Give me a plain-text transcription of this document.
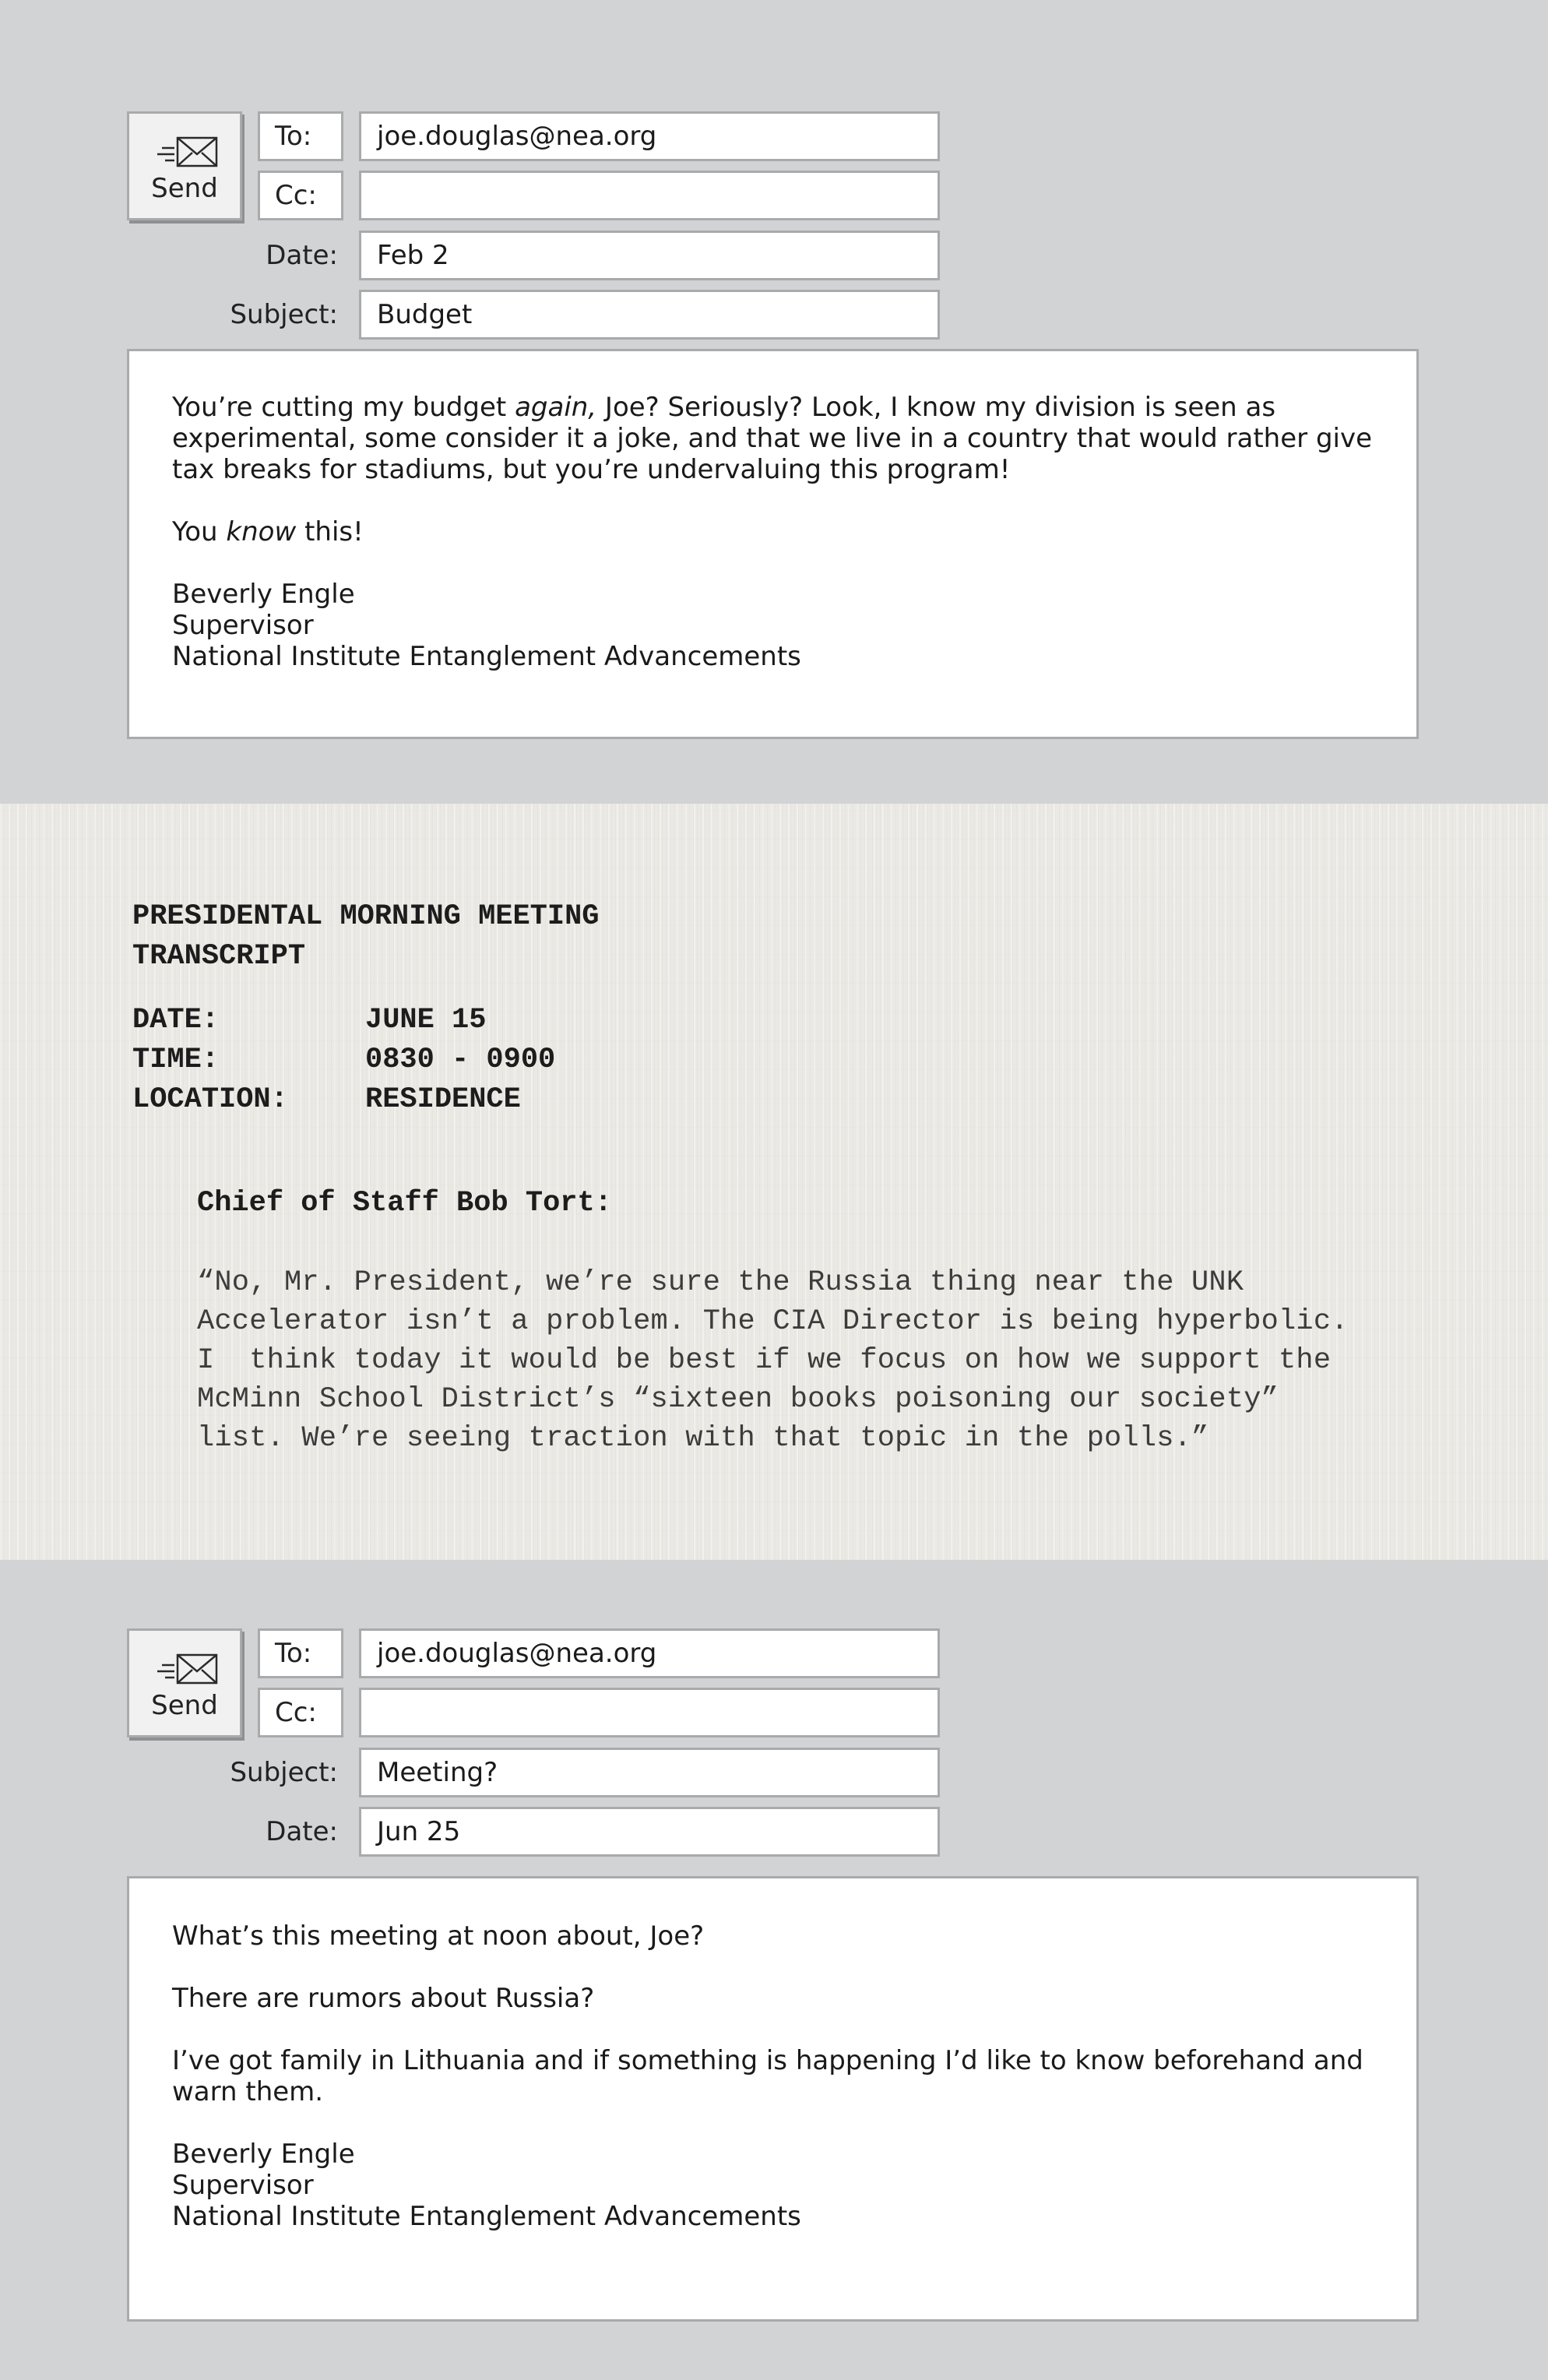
Send
To:	joe.douglas@nea.org
Cc:
Date:	Feb 2
Subject:	Budget

You’re cutting my budget again, Joe? Seriously? Look, I know my division is seen as experimental, some consider it a joke, and that we live in a country that would rather give tax breaks for stadiums, but you’re undervaluing this program!

You know this!

Beverly Engle
Supervisor
National Institute Entanglement Advancements
PRESIDENTAL MORNING MEETING
TRANSCRIPT
DATE:	JUNE 15
TIME:	0830 - 0900
LOCATION:	RESIDENCE
Chief of Staff Bob Tort:
“No, Mr. President, we’re sure the Russia thing near the UNK
Accelerator isn’t a problem. The CIA Director is being hyperbolic.
I  think today it would be best if we focus on how we support the
McMinn School District’s “sixteen books poisoning our society”
list. We’re seeing traction with that topic in the polls.”
Send
To:	joe.douglas@nea.org
Cc:
Subject:	Meeting?
Date:	Jun 25

What’s this meeting at noon about, Joe?

There are rumors about Russia?

I’ve got family in Lithuania and if something is happening I’d like to know beforehand and warn them.

Beverly Engle
Supervisor
National Institute Entanglement Advancements
